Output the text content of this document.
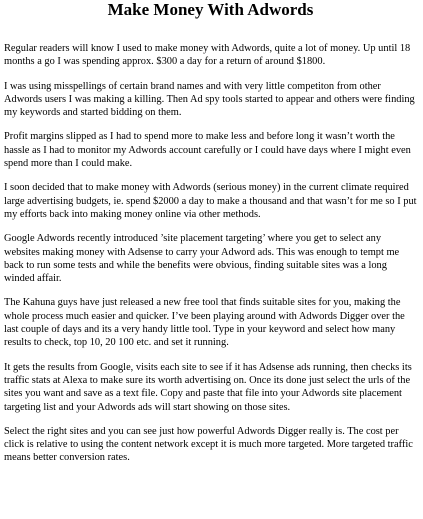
Make Money With Adwords

Regular readers will know I used to make money with Adwords, quite a lot of money. Up until 18 months a go I was spending approx. $300 a day for a return of around $1800.

I was using misspellings of certain brand names and with very little competiton from other Adwords users I was making a killing. Then Ad spy tools started to appear and others were finding my keywords and started bidding on them.

Profit margins slipped as I had to spend more to make less and before long it wasn’t worth the hassle as I had to monitor my Adwords account carefully or I could have days where I might even spend more than I could make.

I soon decided that to make money with Adwords (serious money) in the current climate required large advertising budgets, ie. spend $2000 a day to make a thousand and that wasn’t for me so I put my efforts back into making money online via other methods.

Google Adwords recently introduced ’site placement targeting’ where you get to select any websites making money with Adsense to carry your Adword ads. This was enough to tempt me back to run some tests and while the benefits were obvious, finding suitable sites was a long winded affair.

The Kahuna guys have just released a new free tool that finds suitable sites for you, making the whole process much easier and quicker. I’ve been playing around with Adwords Digger over the last couple of days and its a very handy little tool. Type in your keyword and select how many results to check, top 10, 20 100 etc. and set it running.

It gets the results from Google, visits each site to see if it has Adsense ads running, then checks its traffic stats at Alexa to make sure its worth advertising on. Once its done just select the urls of the sites you want and save as a text file. Copy and paste that file into your Adwords site placement targeting list and your Adwords ads will start showing on those sites.

Select the right sites and you can see just how powerful Adwords Digger really is. The cost per click is relative to using the content network except it is much more targeted. More targeted traffic means better conversion rates.
